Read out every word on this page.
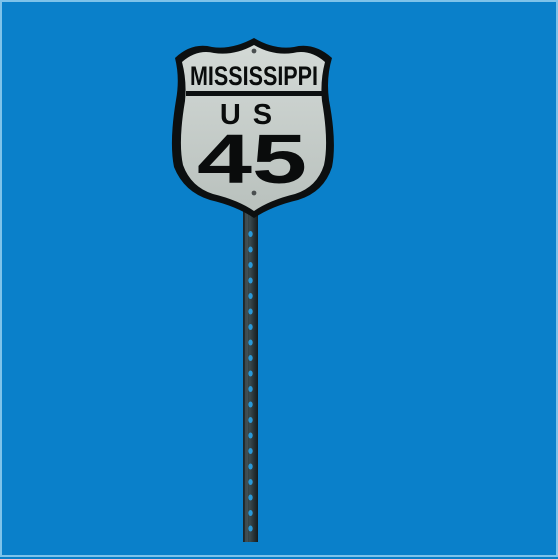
MISSISSIPPI
US
45
